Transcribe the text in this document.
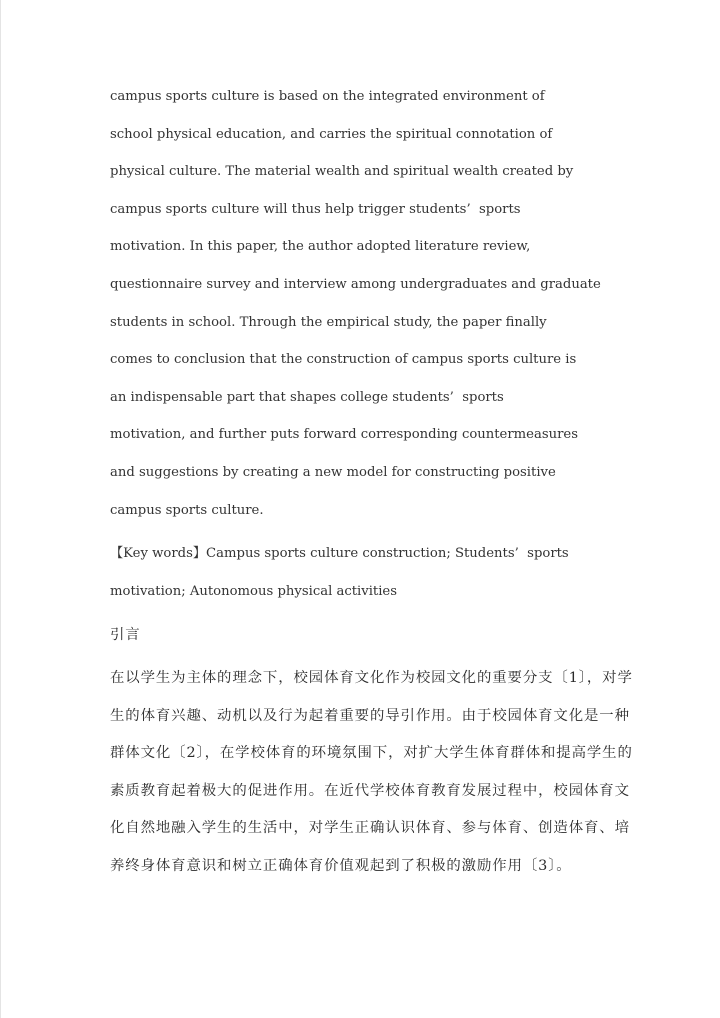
campus sports culture is based on the integrated environment of
school physical education, and carries the spiritual connotation of
physical culture. The material wealth and spiritual wealth created by
campus sports culture will thus help trigger students’  sports
motivation. In this paper, the author adopted literature review,
questionnaire survey and interview among undergraduates and graduate
students in school. Through the empirical study, the paper finally
comes to conclusion that the construction of campus sports culture is
an indispensable part that shapes college students’  sports
motivation, and further puts forward corresponding countermeasures
and suggestions by creating a new model for constructing positive
campus sports culture.
【Key words】Campus sports culture construction; Students’  sports
motivation; Autonomous physical activities
引言
在以学生为主体的理念下，校园体育文化作为校园文化的重要分支〔1〕，对学
生的体育兴趣、动机以及行为起着重要的导引作用。由于校园体育文化是一种
群体文化〔2〕，在学校体育的环境氛围下，对扩大学生体育群体和提高学生的
素质教育起着极大的促进作用。在近代学校体育教育发展过程中，校园体育文
化自然地融入学生的生活中，对学生正确认识体育、参与体育、创造体育、培
养终身体育意识和树立正确体育价值观起到了积极的激励作用〔3〕。
